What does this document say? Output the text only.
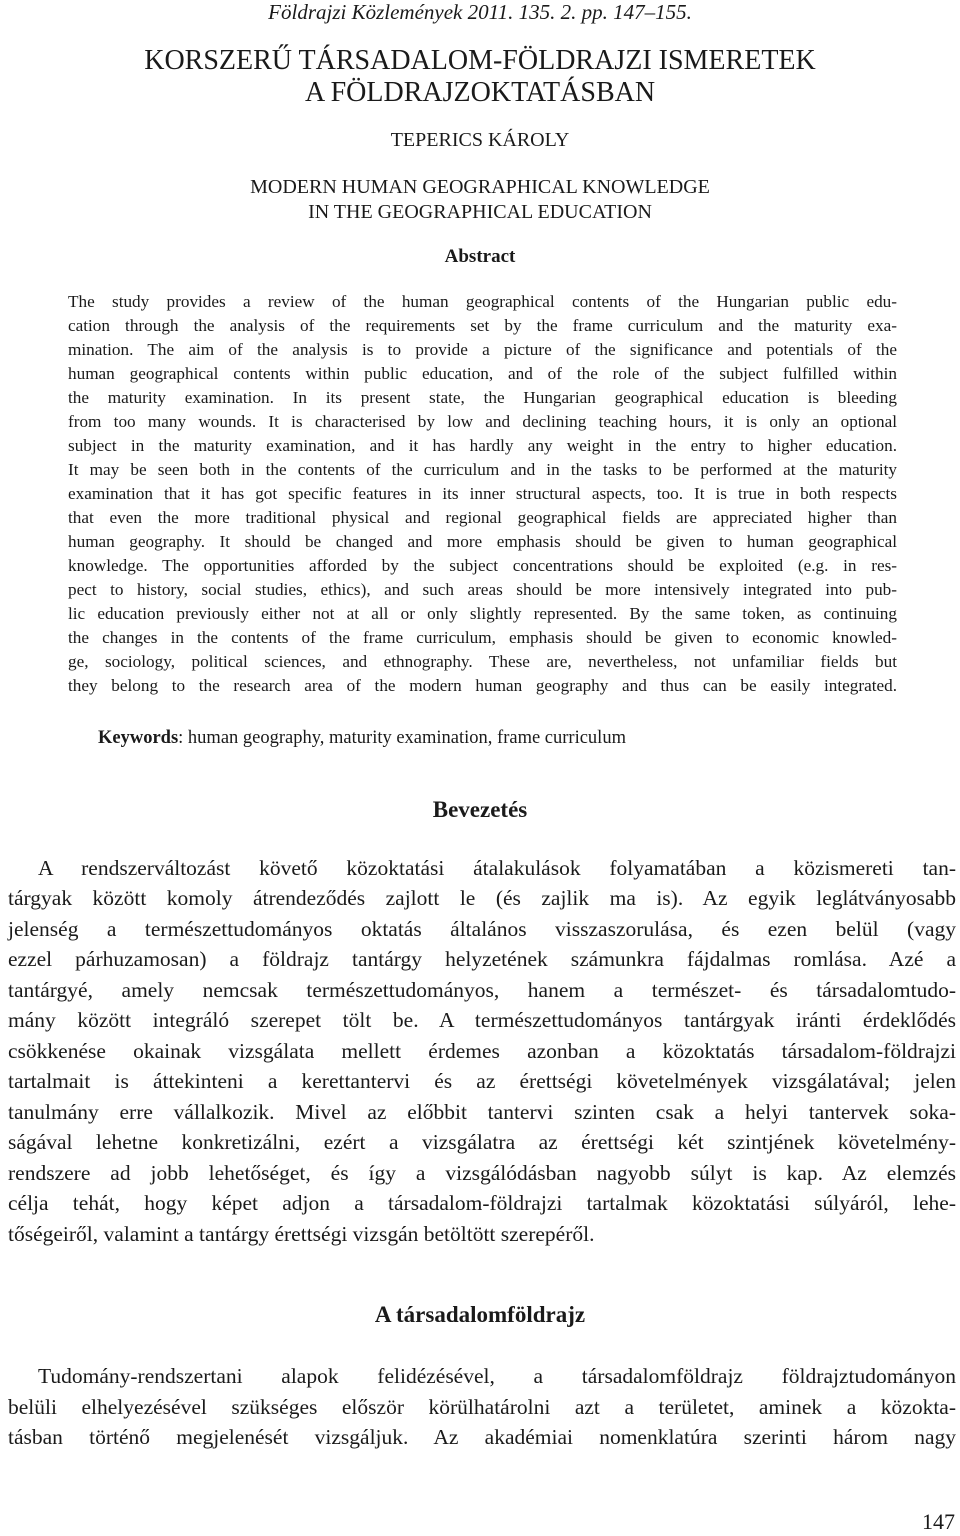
Földrajzi Közlemények 2011. 135. 2. pp. 147–155.

KORSZERŰ TÁRSADALOM-FÖLDRAJZI ISMERETEK

A FÖLDRAJZOKTATÁSBAN

TEPERICS KÁROLY

MODERN HUMAN GEOGRAPHICAL KNOWLEDGE

IN THE GEOGRAPHICAL EDUCATION

Abstract

The study provides a review of the human geographical contents of the Hungarian public edu-

cation through the analysis of the requirements set by the frame curriculum and the maturity exa-

mination. The aim of the analysis is to provide a picture of the significance and potentials of the

human geographical contents within public education, and of the role of the subject fulfilled within

the maturity examination. In its present state, the Hungarian geographical education is bleeding

from too many wounds. It is characterised by low and declining teaching hours, it is only an optional

subject in the maturity examination, and it has hardly any weight in the entry to higher education.

It may be seen both in the contents of the curriculum and in the tasks to be performed at the maturity

examination that it has got specific features in its inner structural aspects, too. It is true in both respects

that even the more traditional physical and regional geographical fields are appreciated higher than

human geography. It should be changed and more emphasis should be given to human geographical

knowledge. The opportunities afforded by the subject concentrations should be exploited (e.g. in res-

pect to history, social studies, ethics), and such areas should be more intensively integrated into pub-

lic education previously either not at all or only slightly represented. By the same token, as continuing

the changes in the contents of the frame curriculum, emphasis should be given to economic knowled-

ge, sociology, political sciences, and ethnography. These are, nevertheless, not unfamiliar fields but

they belong to the research area of the modern human geography and thus can be easily integrated.

Keywords: human geography, maturity examination, frame curriculum

Bevezetés

A rendszerváltozást követő közoktatási átalakulások folyamatában a közismereti tan-

tárgyak között komoly átrendeződés zajlott le (és zajlik ma is). Az egyik leglátványosabb

jelenség a természettudományos oktatás általános visszaszorulása, és ezen belül (vagy

ezzel párhuzamosan) a földrajz tantárgy helyzetének számunkra fájdalmas romlása. Azé a

tantárgyé, amely nemcsak természettudományos, hanem a természet- és társadalomtudo-

mány között integráló szerepet tölt be. A természettudományos tantárgyak iránti érdeklődés

csökkenése okainak vizsgálata mellett érdemes azonban a közoktatás társadalom-földrajzi

tartalmait is áttekinteni a kerettantervi és az érettségi követelmények vizsgálatával; jelen

tanulmány erre vállalkozik. Mivel az előbbit tantervi szinten csak a helyi tantervek soka-

ságával lehetne konkretizálni, ezért a vizsgálatra az érettségi két szintjének követelmény-

rendszere ad jobb lehetőséget, és így a vizsgálódásban nagyobb súlyt is kap. Az elemzés

célja tehát, hogy képet adjon a társadalom-földrajzi tartalmak közoktatási súlyáról, lehe-

tőségeiről, valamint a tantárgy érettségi vizsgán betöltött szerepéről.

A társadalomföldrajz

Tudomány-rendszertani alapok felidézésével, a társadalomföldrajz földrajztudományon

belüli elhelyezésével szükséges először körülhatárolni azt a területet, aminek a közokta-

tásban történő megjelenését vizsgáljuk. Az akadémiai nomenklatúra szerinti három nagy

147
